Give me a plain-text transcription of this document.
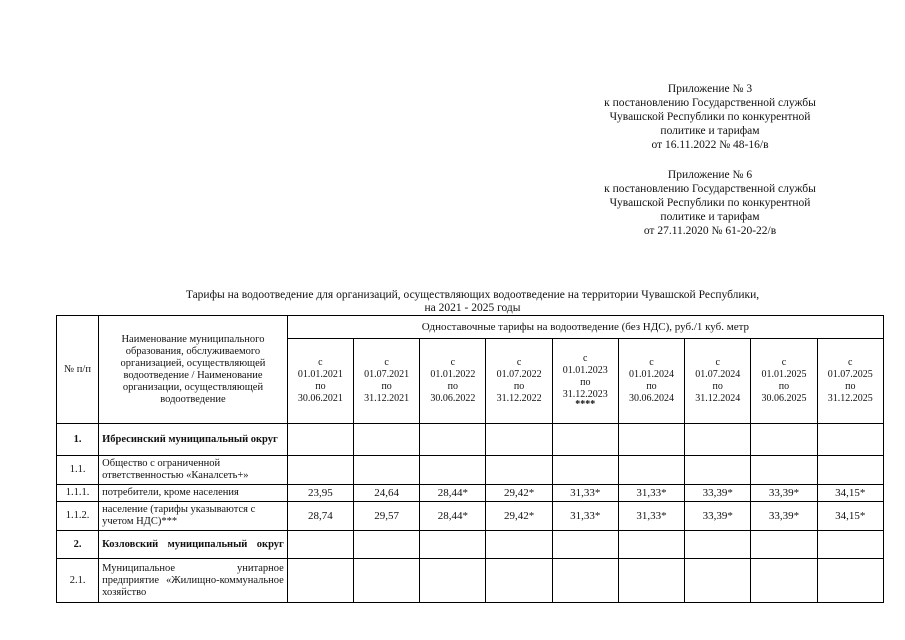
Приложение № 3
к постановлению Государственной службы
Чувашской Республики по конкурентной
политике и тарифам
от 16.11.2022 № 48-16/в
Приложение № 6
к постановлению Государственной службы
Чувашской Республики по конкурентной
политике и тарифам
от 27.11.2020 № 61-20-22/в
Тарифы на водоотведение для организаций, осуществляющих водоотведение на территории Чувашской Республики,
на 2021 - 2025 годы
№ п/п	Наименование муниципального образования, обслуживаемого организацией, осуществляющей водоотведение / Наименование организации, осуществляющей водоотведение	Одноставочные тарифы на водоотведение (без НДС), руб./1 куб. метр								

		с
01.01.2021
по
30.06.2021	с
01.07.2021
по
31.12.2021	с
01.01.2022
по
30.06.2022	с
01.07.2022
по
31.12.2022	с
01.01.2023
по
31.12.2023
****	с
01.01.2024
по
30.06.2024	с
01.07.2024
по
31.12.2024	с
01.01.2025
по
30.06.2025	с
01.07.2025
по
31.12.2025

1.	Ибресинский муниципальный округ									
1.1.	Общество с ограниченной ответственностью «Каналсеть+»									
1.1.1.	потребители, кроме населения	23,95	24,64	28,44*	29,42*	31,33*	31,33*	33,39*	33,39*	34,15*
1.1.2.	население (тарифы указываются с учетом НДС)***	28,74	29,57	28,44*	29,42*	31,33*	31,33*	33,39*	33,39*	34,15*
2.	Козловский муниципальный округ									
2.1.	Муниципальное унитарное предприятие «Жилищно-коммунальное хозяйство									
